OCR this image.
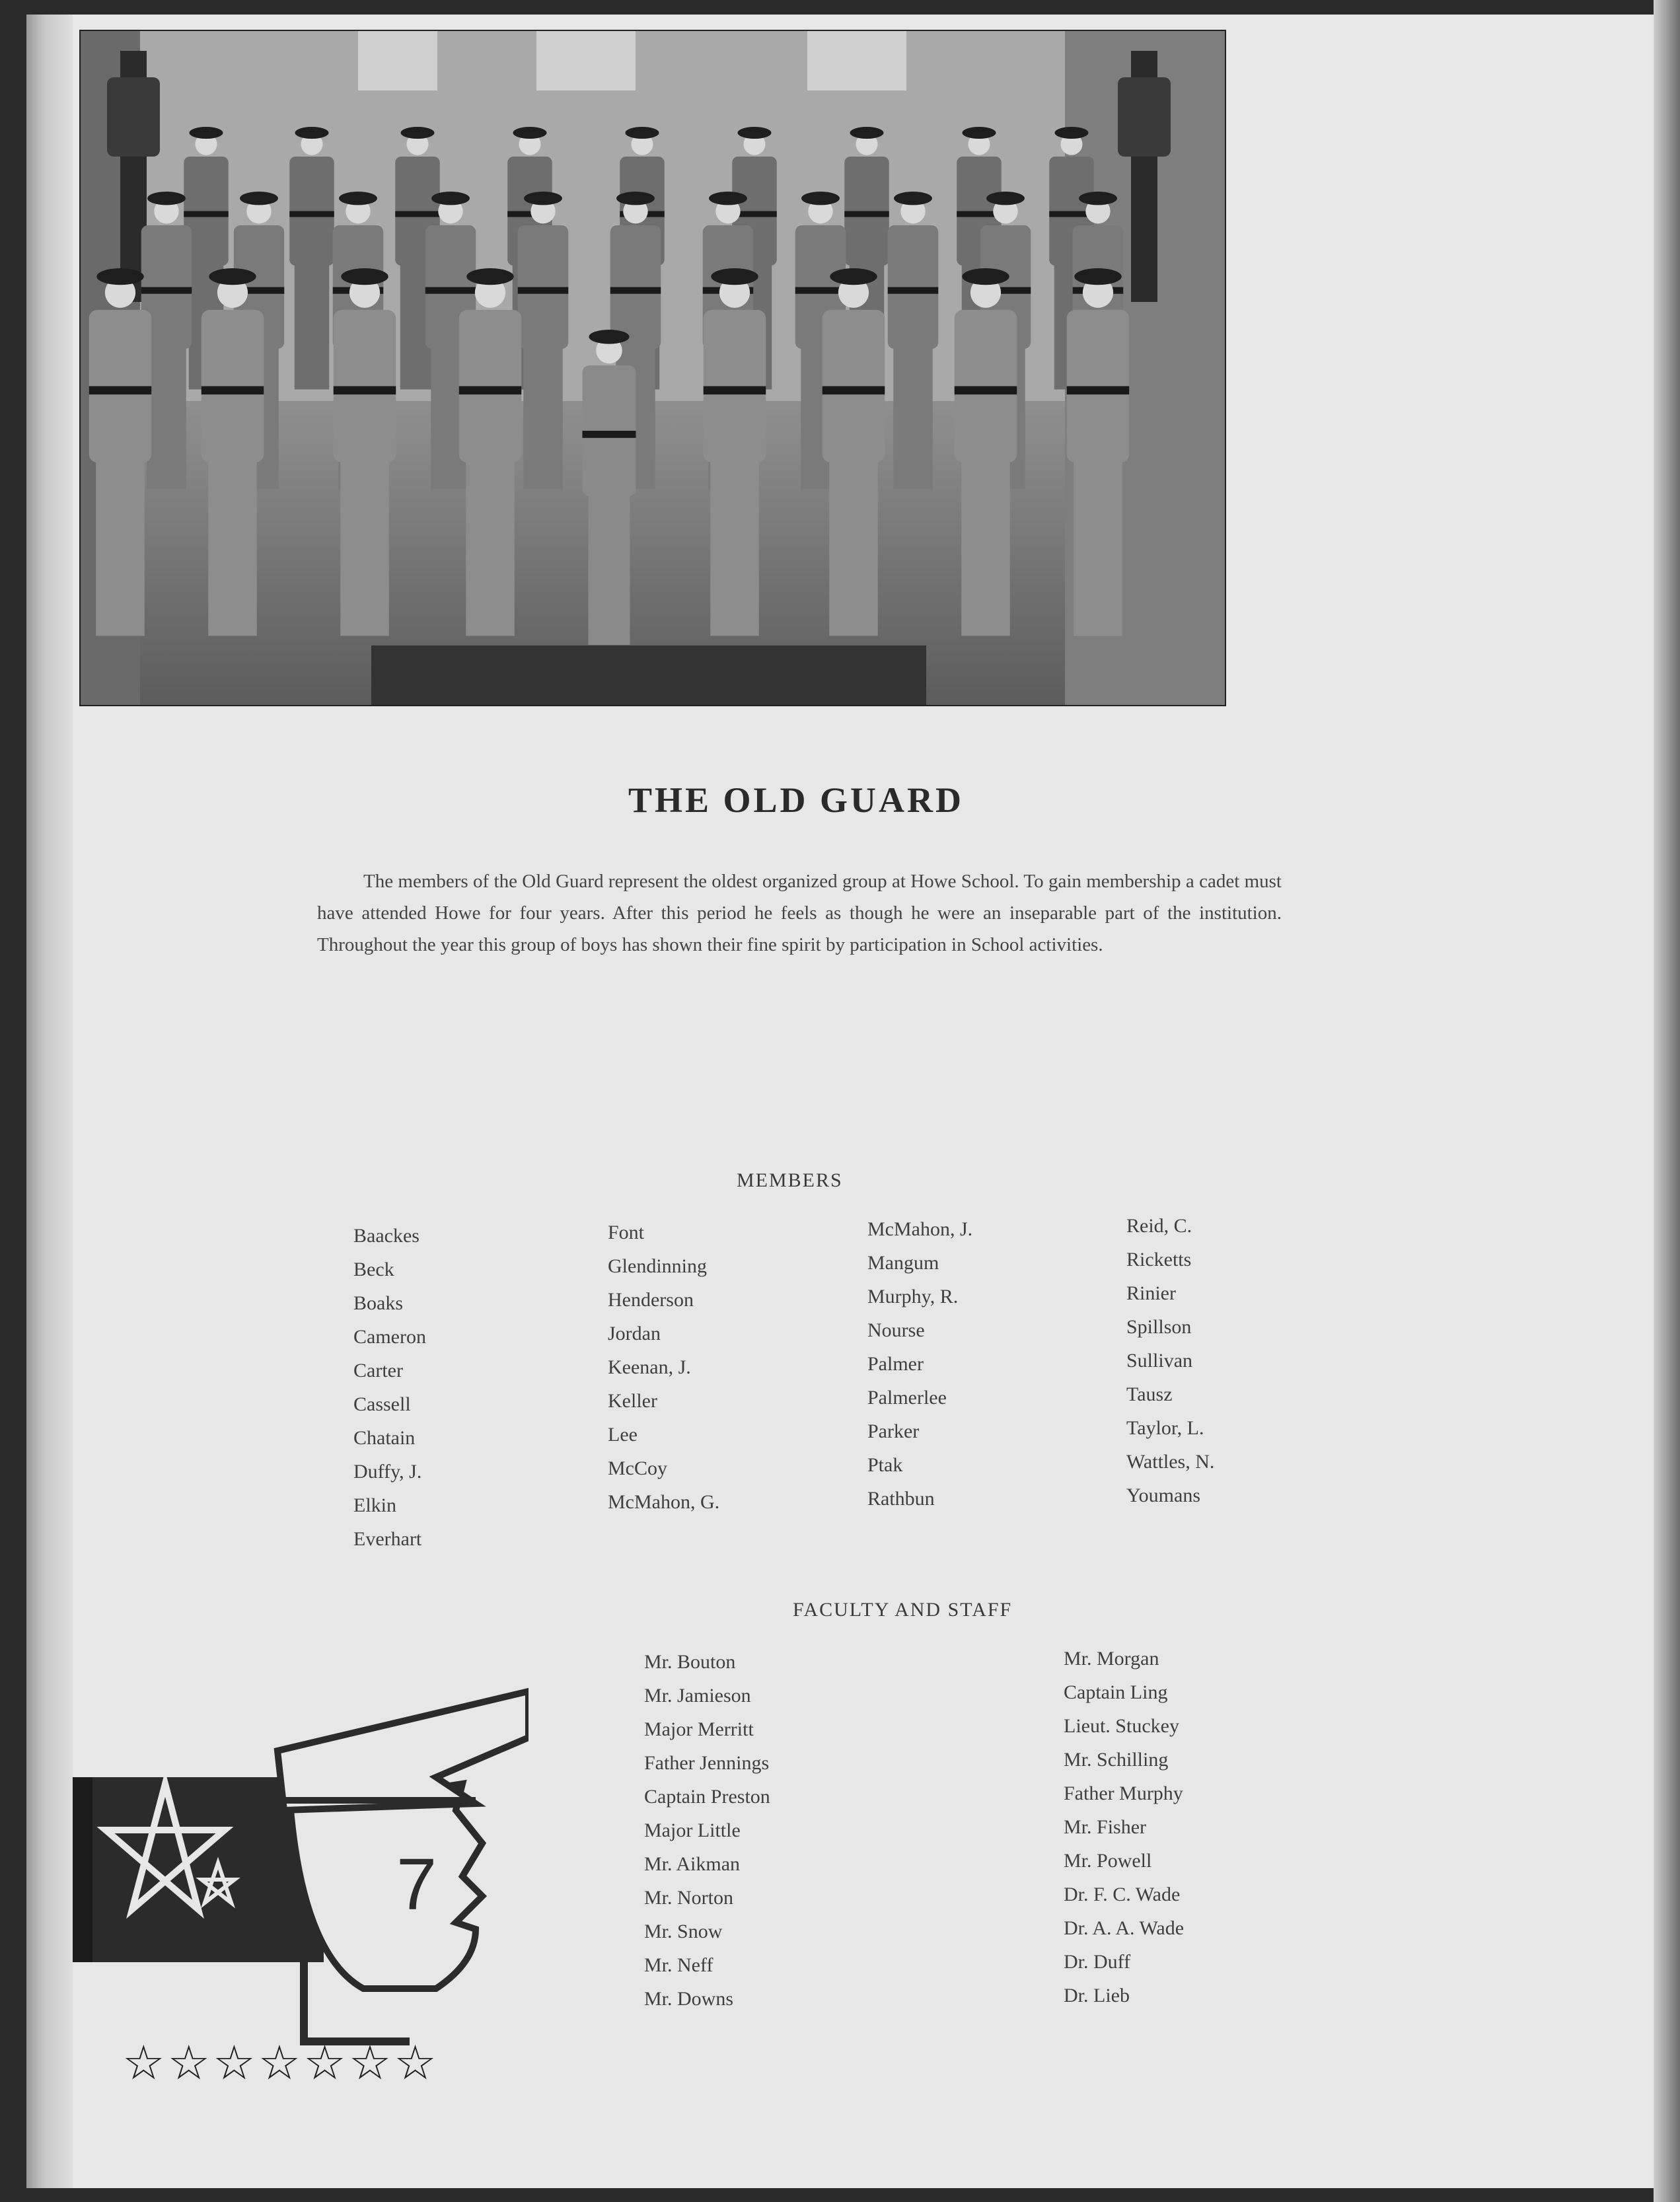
THE OLD GUARD
The members of the Old Guard represent the oldest organized group at Howe School. To gain membership a cadet must have attended Howe for four years. After this period he feels as though he were an inseparable part of the institution. Throughout the year this group of boys has shown their fine spirit by participation in School activities.
MEMBERS
Baackes
Beck
Boaks
Cameron
Carter
Cassell
Chatain
Duffy, J.
Elkin
Everhart
Font
Glendinning
Henderson
Jordan
Keenan, J.
Keller
Lee
McCoy
McMahon, G.
McMahon, J.
Mangum
Murphy, R.
Nourse
Palmer
Palmerlee
Parker
Ptak
Rathbun
Reid, C.
Ricketts
Rinier
Spillson
Sullivan
Tausz
Taylor, L.
Wattles, N.
Youmans
FACULTY AND STAFF
Mr. Bouton
Mr. Jamieson
Major Merritt
Father Jennings
Captain Preston
Major Little
Mr. Aikman
Mr. Norton
Mr. Snow
Mr. Neff
Mr. Downs
Mr. Morgan
Captain Ling
Lieut. Stuckey
Mr. Schilling
Father Murphy
Mr. Fisher
Mr. Powell
Dr. F. C. Wade
Dr. A. A. Wade
Dr. Duff
Dr. Lieb
7
☆☆☆☆☆☆☆
